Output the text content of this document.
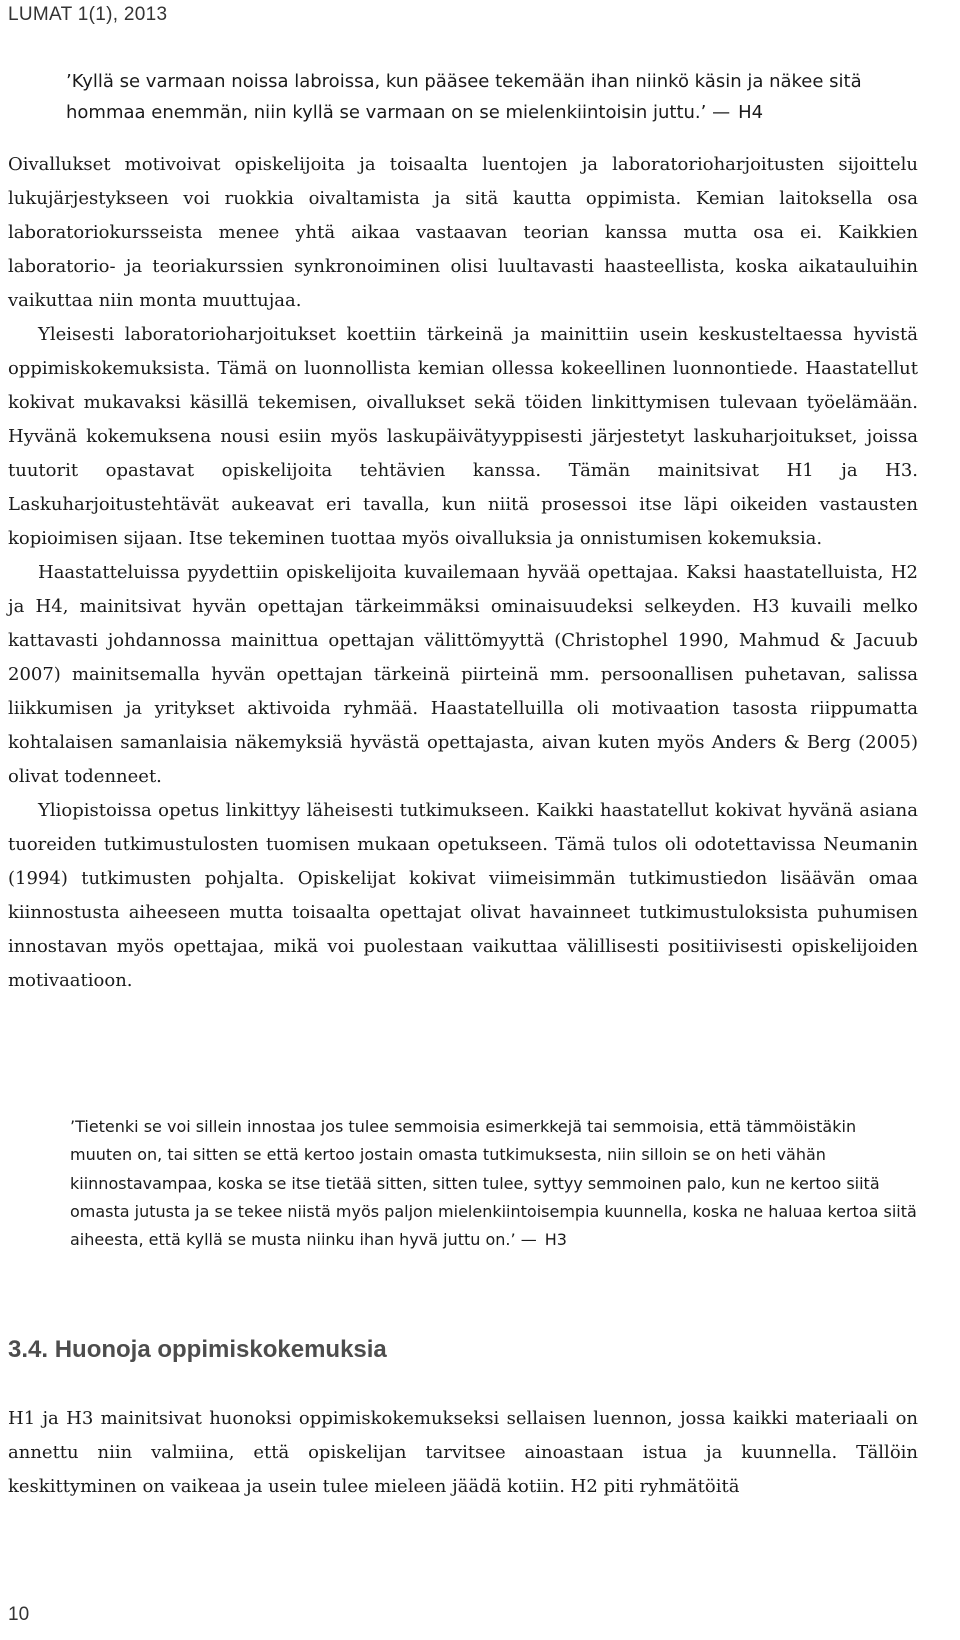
LUMAT 1(1), 2013
’Kyllä se varmaan noissa labroissa, kun pääsee tekemään ihan niinkö käsin ja näkee sitä hommaa enemmän, niin kyllä se varmaan on se mielenkiintoisin juttu.’ — H4

Oivallukset motivoivat opiskelijoita ja toisaalta luentojen ja laboratorioharjoitusten sijoittelu lukujärjestykseen voi ruokkia oivaltamista ja sitä kautta oppimista. Kemian laitoksella osa laboratoriokursseista menee yhtä aikaa vastaavan teorian kanssa mutta osa ei. Kaikkien laboratorio- ja teoriakurssien synkronoiminen olisi luultavasti haasteellista, koska aikatauluihin vaikuttaa niin monta muuttujaa.

Yleisesti laboratorioharjoitukset koettiin tärkeinä ja mainittiin usein keskusteltaessa hyvistä oppimiskokemuksista. Tämä on luonnollista kemian ollessa kokeellinen luonnontiede. Haastatellut kokivat mukavaksi käsillä tekemisen, oivallukset sekä töiden linkittymisen tulevaan työelämään. Hyvänä kokemuksena nousi esiin myös laskupäivätyyppisesti järjestetyt laskuharjoitukset, joissa tuutorit opastavat opiskelijoita tehtävien kanssa. Tämän mainitsivat H1 ja H3. Laskuharjoitustehtävät aukeavat eri tavalla, kun niitä prosessoi itse läpi oikeiden vastausten kopioimisen sijaan. Itse tekeminen tuottaa myös oivalluksia ja onnistumisen kokemuksia.

Haastatteluissa pyydettiin opiskelijoita kuvailemaan hyvää opettajaa. Kaksi haastatelluista, H2 ja H4, mainitsivat hyvän opettajan tärkeimmäksi ominaisuudeksi selkeyden. H3 kuvaili melko kattavasti johdannossa mainittua opettajan välittömyyttä (Christophel 1990, Mahmud & Jacuub 2007) mainitsemalla hyvän opettajan tärkeinä piirteinä mm. persoonallisen puhetavan, salissa liikkumisen ja yritykset aktivoida ryhmää. Haastatelluilla oli motivaation tasosta riippumatta kohtalaisen samanlaisia näkemyksiä hyvästä opettajasta, aivan kuten myös Anders & Berg (2005) olivat todenneet.

Yliopistoissa opetus linkittyy läheisesti tutkimukseen. Kaikki haastatellut kokivat hyvänä asiana tuoreiden tutkimustulosten tuomisen mukaan opetukseen. Tämä tulos oli odotettavissa Neumanin (1994) tutkimusten pohjalta. Opiskelijat kokivat viimeisimmän tutkimustiedon lisäävän omaa kiinnostusta aiheeseen mutta toisaalta opettajat olivat havainneet tutkimustuloksista puhumisen innostavan myös opettajaa, mikä voi puolestaan vaikuttaa välillisesti positiivisesti opiskelijoiden motivaatioon.

’Tietenki se voi sillein innostaa jos tulee semmoisia esimerkkejä tai semmoisia, että tämmöistäkin muuten on, tai sitten se että kertoo jostain omasta tutkimuksesta, niin silloin se on heti vähän kiinnostavampaa, koska se itse tietää sitten, sitten tulee, syttyy semmoinen palo, kun ne kertoo siitä omasta jutusta ja se tekee niistä myös paljon mielenkiintoisempia kuunnella, koska ne haluaa kertoa siitä aiheesta, että kyllä se musta niinku ihan hyvä juttu on.’ — H3
3.4. Huonoja oppimiskokemuksia

H1 ja H3 mainitsivat huonoksi oppimiskokemukseksi sellaisen luennon, jossa kaikki materiaali on annettu niin valmiina, että opiskelijan tarvitsee ainoastaan istua ja kuunnella. Tällöin keskittyminen on vaikeaa ja usein tulee mieleen jäädä kotiin. H2 piti ryhmätöitä

10
